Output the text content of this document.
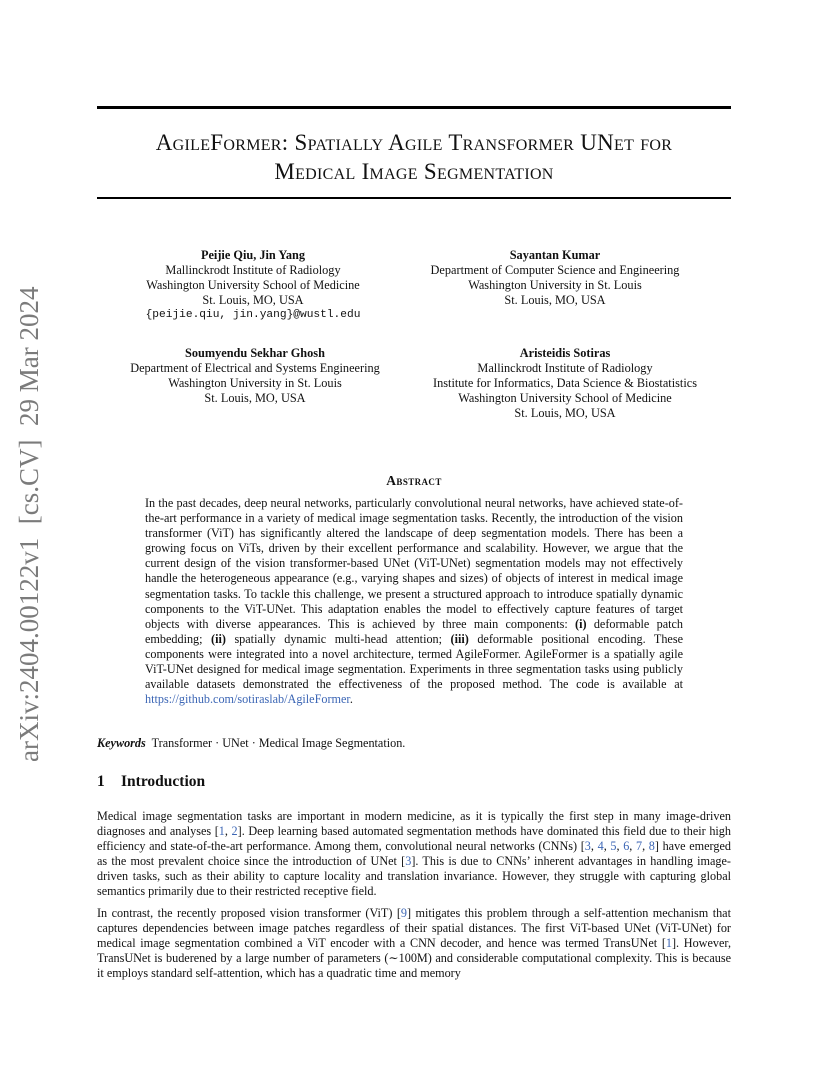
arXiv:2404.00122v1  [cs.CV]  29 Mar 2024
AgileFormer: Spatially Agile Transformer UNet for
Medical Image Segmentation
Peijie Qiu, Jin Yang
Mallinckrodt Institute of Radiology
Washington University School of Medicine
St. Louis, MO, USA
{peijie.qiu, jin.yang}@wustl.edu
Sayantan Kumar
Department of Computer Science and Engineering
Washington University in St. Louis
St. Louis, MO, USA
Soumyendu Sekhar Ghosh
Department of Electrical and Systems Engineering
Washington University in St. Louis
St. Louis, MO, USA
Aristeidis Sotiras
Mallinckrodt Institute of Radiology
Institute for Informatics, Data Science & Biostatistics
Washington University School of Medicine
St. Louis, MO, USA
Abstract
In the past decades, deep neural networks, particularly convolutional neural networks, have achieved state-of-the-art performance in a variety of medical image segmentation tasks. Recently, the introduction of the vision transformer (ViT) has significantly altered the landscape of deep segmentation models. There has been a growing focus on ViTs, driven by their excellent performance and scalability. However, we argue that the current design of the vision transformer-based UNet (ViT-UNet) segmentation models may not effectively handle the heterogeneous appearance (e.g., varying shapes and sizes) of objects of interest in medical image segmentation tasks. To tackle this challenge, we present a structured approach to introduce spatially dynamic components to the ViT-UNet. This adaptation enables the model to effectively capture features of target objects with diverse appearances. This is achieved by three main components: (i) deformable patch embedding; (ii) spatially dynamic multi-head attention; (iii) deformable positional encoding. These components were integrated into a novel architecture, termed AgileFormer. AgileFormer is a spatially agile ViT-UNet designed for medical image segmentation. Experiments in three segmentation tasks using publicly available datasets demonstrated the effectiveness of the proposed method. The code is available at https://github.com/sotiraslab/AgileFormer.
Keywords Transformer · UNet · Medical Image Segmentation.
1 Introduction

Medical image segmentation tasks are important in modern medicine, as it is typically the first step in many image-driven diagnoses and analyses [1, 2]. Deep learning based automated segmentation methods have dominated this field due to their high efficiency and state-of-the-art performance. Among them, convolutional neural networks (CNNs) [3, 4, 5, 6, 7, 8] have emerged as the most prevalent choice since the introduction of UNet [3]. This is due to CNNs’ inherent advantages in handling image-driven tasks, such as their ability to capture locality and translation invariance. However, they struggle with capturing global semantics primarily due to their restricted receptive field.

In contrast, the recently proposed vision transformer (ViT) [9] mitigates this problem through a self-attention mechanism that captures dependencies between image patches regardless of their spatial distances. The first ViT-based UNet (ViT-UNet) for medical image segmentation combined a ViT encoder with a CNN decoder, and hence was termed TransUNet [1]. However, TransUNet is buderened by a large number of parameters (∼100M) and considerable computational complexity. This is because it employs standard self-attention, which has a quadratic time and memory
